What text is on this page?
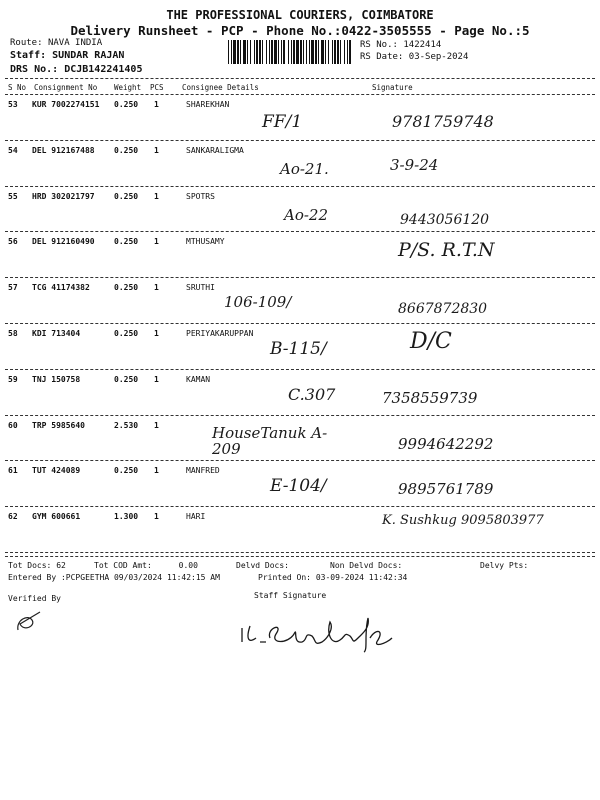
THE PROFESSIONAL COURIERS, COIMBATORE
Delivery Runsheet - PCP - Phone No.:0422-3505555 - Page No.:5
Route: NAVA INDIA
Staff: SUNDAR RAJAN
DRS No.: DCJB142241405
RS No.: 1422414
RS Date: 03-Sep-2024
S No Consignment No Weight PCS Consignee Details	Signature
53 KUR 7002274151 0.250 1	SHAREKHAN
FF/1	9781759748
54 DEL 912167488 0.250 1	SANKARALIGMA
Ao-21.	3-9-24
55 HRD 302021797 0.250 1	SPOTRS
Ao-22	9443056120
56 DEL 912160490 0.250 1	MTHUSAMY	P/S. R.T.N
57 TCG 41174382	0.250 1	SRUTHI
106-109/	8667872830
58 KDI 713404	0.250 1	PERIYAKARUPPAN
B-115/	D/C
59 TNJ 150758	0.250 1	KAMAN
C.307	7358559739
60 TRP 5985640	2.530 1	HouseTanuk A-209	9994642292
61 TUT 424089	0.250 1	MANFRED
E-104/	9895761789
62 GYM 600661	1.300 1	HARI	K. Sushkug 9095803977
Tot Docs: 62	Tot COD Amt:	0.00	Delvd Docs:	Non Delvd Docs:	Delvy Pts:
Entered By :PCPGEETHA 09/03/2024 11:42:15 AM	Printed On: 03-09-2024 11:42:34
Verified By	Staff Signature
